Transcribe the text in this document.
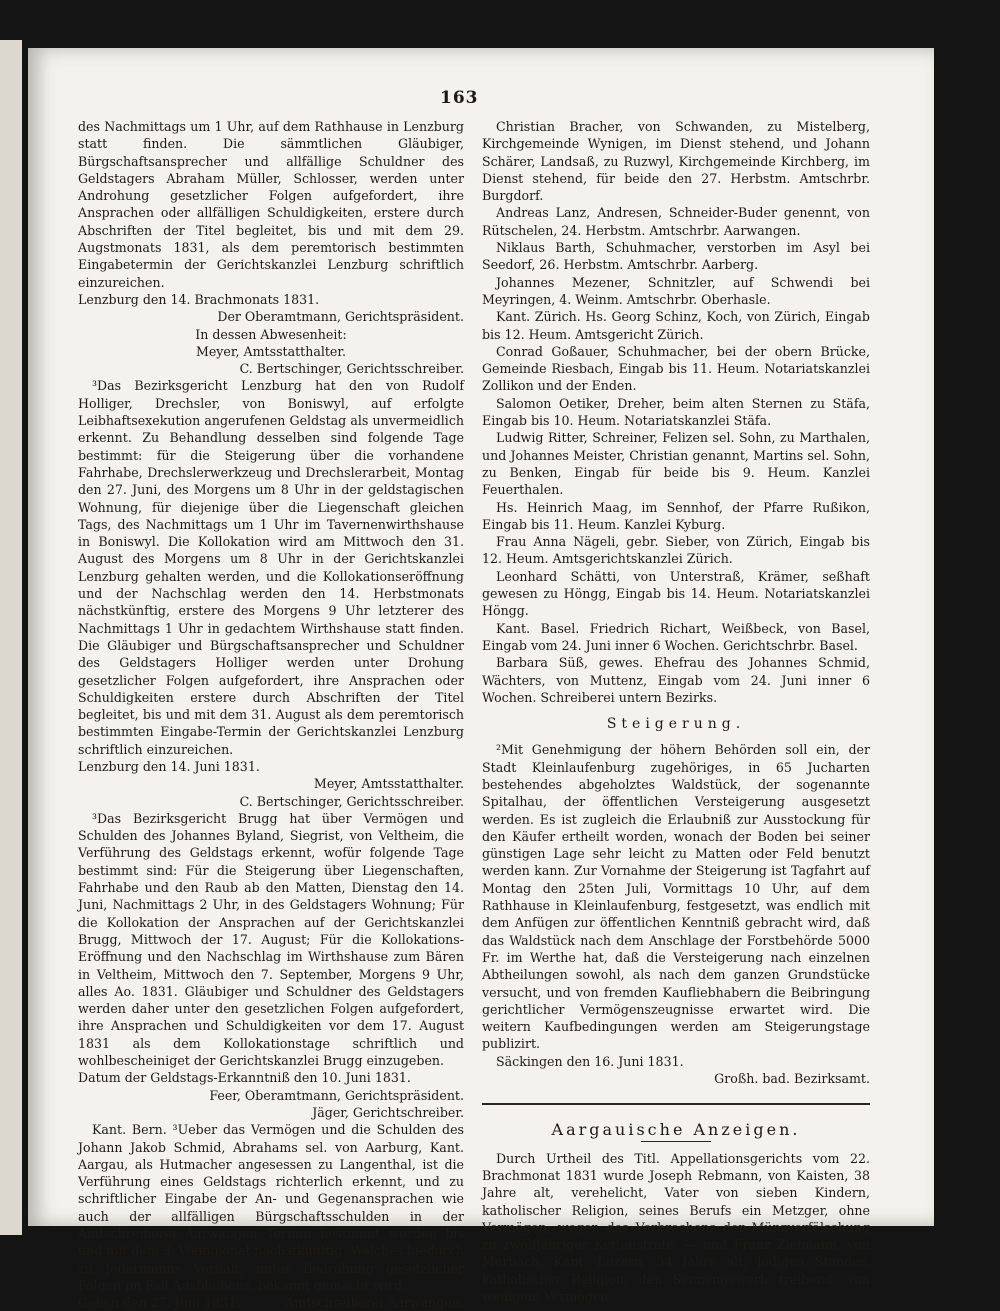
163

des Nachmittags um 1 Uhr, auf dem Rathhause in Lenzburg statt finden. Die sämmtlichen Gläubiger, Bürgschaftsansprecher und allfällige Schuldner des Geldstagers Abraham Müller, Schlosser, werden unter Androhung gesetzlicher Folgen aufgefordert, ihre Ansprachen oder allfälligen Schuldigkeiten, erstere durch Abschriften der Titel begleitet, bis und mit dem 29. Augstmonats 1831, als dem peremtorisch bestimmten Eingabetermin der Gerichtskanzlei Lenzburg schriftlich einzureichen.

Lenzburg den 14. Brachmonats 1831.

Der Oberamtmann, Gerichtspräsident.

In dessen Abwesenheit:

Meyer, Amtsstatthalter.

C. Bertschinger, Gerichtsschreiber.

³Das Bezirksgericht Lenzburg hat den von Rudolf Holliger, Drechsler, von Boniswyl, auf erfolgte Leibhaftsexekution angerufenen Geldstag als unvermeidlich erkennt. Zu Behandlung desselben sind folgende Tage bestimmt: für die Steigerung über die vorhandene Fahrhabe, Drechslerwerkzeug und Drechslerarbeit, Montag den 27. Juni, des Morgens um 8 Uhr in der geldstagischen Wohnung, für diejenige über die Liegenschaft gleichen Tags, des Nachmittags um 1 Uhr im Tavernenwirthshause in Boniswyl. Die Kollokation wird am Mittwoch den 31. August des Morgens um 8 Uhr in der Gerichtskanzlei Lenzburg gehalten werden, und die Kollokationseröffnung und der Nachschlag werden den 14. Herbstmonats nächstkünftig, erstere des Morgens 9 Uhr letzterer des Nachmittags 1 Uhr in gedachtem Wirthshause statt finden. Die Gläubiger und Bürgschaftsansprecher und Schuldner des Geldstagers Holliger werden unter Drohung gesetzlicher Folgen aufgefordert, ihre Ansprachen oder Schuldigkeiten erstere durch Abschriften der Titel begleitet, bis und mit dem 31. August als dem peremtorisch bestimmten Eingabe-Termin der Gerichtskanzlei Lenzburg schriftlich einzureichen.

Lenzburg den 14. Juni 1831.

Meyer, Amtsstatthalter.

C. Bertschinger, Gerichtsschreiber.

³Das Bezirksgericht Brugg hat über Vermögen und Schulden des Johannes Byland, Siegrist, von Veltheim, die Verführung des Geldstags erkennt, wofür folgende Tage bestimmt sind: Für die Steigerung über Liegenschaften, Fahrhabe und den Raub ab den Matten, Dienstag den 14. Juni, Nachmittags 2 Uhr, in des Geldstagers Wohnung; Für die Kollokation der Ansprachen auf der Gerichtskanzlei Brugg, Mittwoch der 17. August; Für die Kollokations-Eröffnung und den Nachschlag im Wirthshause zum Bären in Veltheim, Mittwoch den 7. September, Morgens 9 Uhr, alles Ao. 1831. Gläubiger und Schuldner des Geldstagers werden daher unter den gesetzlichen Folgen aufgefordert, ihre Ansprachen und Schuldigkeiten vor dem 17. August 1831 als dem Kollokationstage schriftlich und wohlbescheiniget der Gerichtskanzlei Brugg einzugeben.

Datum der Geldstags-Erkanntniß den 10. Juni 1831.

Feer, Oberamtmann, Gerichtspräsident.

Jäger, Gerichtschreiber.

Kant. Bern. ³Ueber das Vermögen und die Schulden des Johann Jakob Schmid, Abrahams sel. von Aarburg, Kant. Aargau, als Hutmacher angesessen zu Langenthal, ist die Verführung eines Geldstags richterlich erkennt, und zu schriftlicher Eingabe der An- und Gegenansprachen wie auch der allfälligen Bürgschaftsschulden in der Amtschreiberei Aarwangen Termin bestimmt worden bis und mit dem 3. Weinmonat nächstkünftig. Welches hiedurch zu Jedermanns Verhalt, unter Bedrohung gesetzlicher Folgen im Fall Ausbleibens, bekannt gemacht wird.

Geben den 27. Juni 1831.	Amtschreiberei Aarwangen.

Christian Bracher, von Schwanden, zu Mistelberg, Kirchgemeinde Wynigen, im Dienst stehend, und Johann Schärer, Landsaß, zu Ruzwyl, Kirchgemeinde Kirchberg, im Dienst stehend, für beide den 27. Herbstm. Amtschrbr. Burgdorf.

Andreas Lanz, Andresen, Schneider-Buder genennt, von Rütschelen, 24. Herbstm. Amtschrbr. Aarwangen.

Niklaus Barth, Schuhmacher, verstorben im Asyl bei Seedorf, 26. Herbstm. Amtschrbr. Aarberg.

Johannes Mezener, Schnitzler, auf Schwendi bei Meyringen, 4. Weinm. Amtschrbr. Oberhasle.

Kant. Zürich. Hs. Georg Schinz, Koch, von Zürich, Eingab bis 12. Heum. Amtsgericht Zürich.

Conrad Goßauer, Schuhmacher, bei der obern Brücke, Gemeinde Riesbach, Eingab bis 11. Heum. Notariatskanzlei Zollikon und der Enden.

Salomon Oetiker, Dreher, beim alten Sternen zu Stäfa, Eingab bis 10. Heum. Notariatskanzlei Stäfa.

Ludwig Ritter, Schreiner, Felizen sel. Sohn, zu Marthalen, und Johannes Meister, Christian genannt, Martins sel. Sohn, zu Benken, Eingab für beide bis 9. Heum. Kanzlei Feuerthalen.

Hs. Heinrich Maag, im Sennhof, der Pfarre Rußikon, Eingab bis 11. Heum. Kanzlei Kyburg.

Frau Anna Nägeli, gebr. Sieber, von Zürich, Eingab bis 12. Heum. Amtsgerichtskanzlei Zürich.

Leonhard Schätti, von Unterstraß, Krämer, seßhaft gewesen zu Höngg, Eingab bis 14. Heum. Notariatskanzlei Höngg.

Kant. Basel. Friedrich Richart, Weißbeck, von Basel, Eingab vom 24. Juni inner 6 Wochen. Gerichtschrbr. Basel.

Barbara Süß, gewes. Ehefrau des Johannes Schmid, Wächters, von Muttenz, Eingab vom 24. Juni inner 6 Wochen. Schreiberei untern Bezirks.

Steigerung.

²Mit Genehmigung der höhern Behörden soll ein, der Stadt Kleinlaufenburg zugehöriges, in 65 Jucharten bestehendes abgeholztes Waldstück, der sogenannte Spitalhau, der öffentlichen Versteigerung ausgesetzt werden. Es ist zugleich die Erlaubniß zur Ausstockung für den Käufer ertheilt worden, wonach der Boden bei seiner günstigen Lage sehr leicht zu Matten oder Feld benutzt werden kann. Zur Vornahme der Steigerung ist Tagfahrt auf Montag den 25ten Juli, Vormittags 10 Uhr, auf dem Rathhause in Kleinlaufenburg, festgesetzt, was endlich mit dem Anfügen zur öffentlichen Kenntniß gebracht wird, daß das Waldstück nach dem Anschlage der Forstbehörde 5000 Fr. im Werthe hat, daß die Versteigerung nach einzelnen Abtheilungen sowohl, als nach dem ganzen Grundstücke versucht, und von fremden Kaufliebhabern die Beibringung gerichtlicher Vermögenszeugnisse erwartet wird. Die weitern Kaufbedingungen werden am Steigerungstage publizirt.

Säckingen den 16. Juni 1831.

Großh. bad. Bezirksamt.

Aargauische Anzeigen.

Durch Urtheil des Titl. Appellationsgerichts vom 22. Brachmonat 1831 wurde Joseph Rebmann, von Kaisten, 38 Jahre alt, verehelicht, Vater von sieben Kindern, katholischer Religion, seines Berufs ein Metzger, ohne Vermögen, wegen des Verbrechens der Münzverfälschung zu zwölfjähriger Kettenstrafe; — und Franz Zielmann, von Marbach, Kant. Luzern, 34 Jahre alt, ledigen Standes, katholischer Religion, den Sennengewerb treibend, von wenigem Vermögen,
